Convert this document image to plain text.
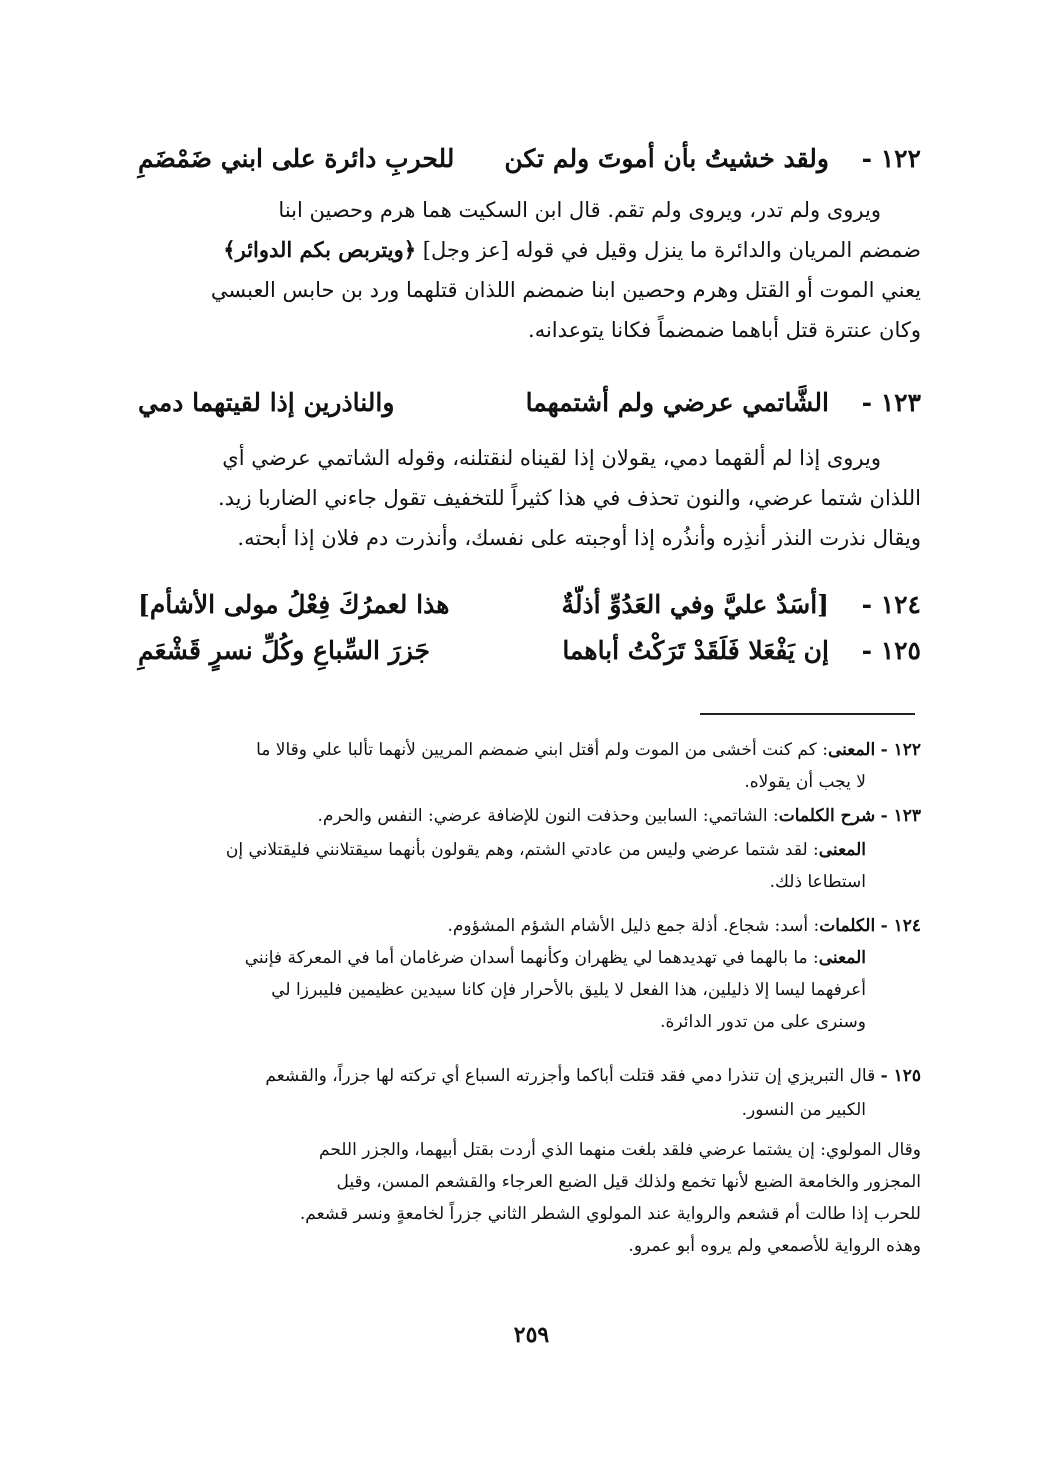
١٢٢ -
ولقد خشيتُ بأن أموتَ ولم تكن
للحربِ دائرة على ابني ضَمْضَمِ
ويروى ولم تدر، ويروى ولم تقم. قال ابن السكيت هما هرم وحصين ابنا
ضمضم المريان والدائرة ما ينزل وقيل في قوله [عز وجل] ﴿ويتربص بكم الدوائر﴾
يعني الموت أو القتل وهرم وحصين ابنا ضمضم اللذان قتلهما ورد بن حابس العبسي
وكان عنترة قتل أباهما ضمضماً فكانا يتوعدانه.
١٢٣ -
الشَّاتمي عرضي ولم أشتمهما
والناذرين إذا لقيتهما دمي
ويروى إذا لم ألقهما دمي، يقولان إذا لقيناه لنقتلنه، وقوله الشاتمي عرضي أي
اللذان شتما عرضي، والنون تحذف في هذا كثيراً للتخفيف تقول جاءني الضاربا زيد.
ويقال نذرت النذر أنذِره وأنذُره إذا أوجبته على نفسك، وأنذرت دم فلان إذا أبحته.
١٢٤ -
[أسَدٌ عليَّ وفي العَدُوِّ أذلّةٌ
هذا لعمرُكَ فِعْلُ مولى الأشأم]
١٢٥ -
إن يَفْعَلا فَلَقَدْ تَرَكْتُ أباهما
جَزرَ السِّباعِ وكُلِّ نسرٍ قَشْعَمِ
١٢٢ - المعنى: كم كنت أخشى من الموت ولم أقتل ابني ضمضم المريين لأنهما تألبا علي وقالا ما
لا يجب أن يقولاه.
١٢٣ - شرح الكلمات: الشاتمي: السابين وحذفت النون للإضافة عرضي: النفس والحرم.
المعنى: لقد شتما عرضي وليس من عادتي الشتم، وهم يقولون بأنهما سيقتلانني فليقتلاني إن
استطاعا ذلك.
١٢٤ - الكلمات: أسد: شجاع. أذلة جمع ذليل الأشام الشؤم المشؤوم.
المعنى: ما بالهما في تهديدهما لي يظهران وكأنهما أسدان ضرغامان أما في المعركة فإنني
أعرفهما ليسا إلا ذليلين، هذا الفعل لا يليق بالأحرار فإن كانا سيدين عظيمين فليبرزا لي
وسنرى على من تدور الدائرة.
١٢٥ - قال التبريزي إن تنذرا دمي فقد قتلت أباكما وأجزرته السباع أي تركته لها جزراً، والقشعم
الكبير من النسور.
وقال المولوي: إن يشتما عرضي فلقد بلغت منهما الذي أردت بقتل أبيهما، والجزر اللحم
المجزور والخامعة الضبع لأنها تخمع ولذلك قيل الضبع العرجاء والقشعم المسن، وقيل
للحرب إذا طالت أم قشعم والرواية عند المولوي الشطر الثاني جزراً لخامعةٍ ونسر قشعم.
وهذه الرواية للأصمعي ولم يروه أبو عمرو.
٢٥٩
